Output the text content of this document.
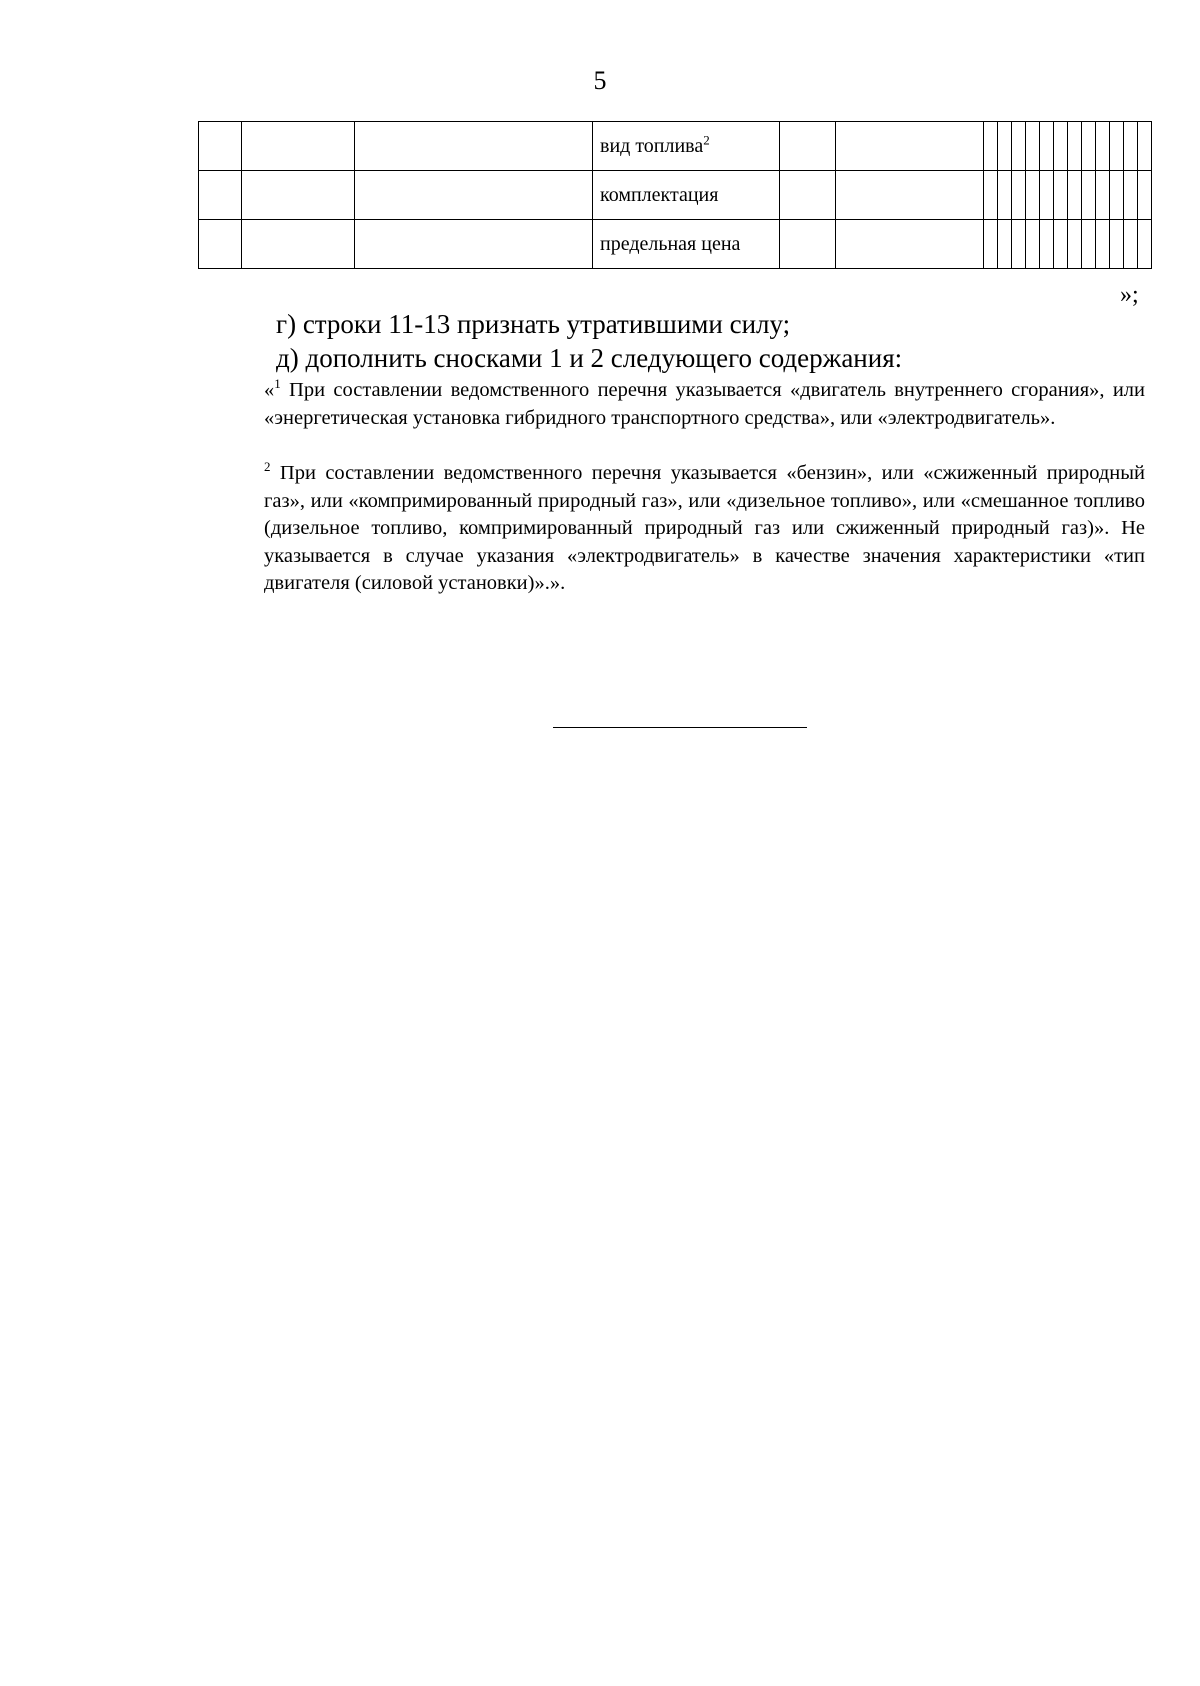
5
			вид топлива$^2$														
			комплектация														
			предельная цена														
»;
г) строки 11-13 признать утратившими силу;
д) дополнить сносками 1 и 2 следующего содержания:
«$^1$ При составлении ведомственного перечня указывается «двигатель внутреннего сгорания», или «энергетическая установка гибридного транспортного средства», или «электродвигатель».
$^2$ При составлении ведомственного перечня указывается «бензин», или «сжиженный природный газ», или «компримированный природный газ», или «дизельное топливо», или «смешанное топливо (дизельное топливо, компримированный природный газ или сжиженный природный газ)». Не указывается в случае указания «электродвигатель» в качестве значения характеристики «тип двигателя (силовой установки)».».
